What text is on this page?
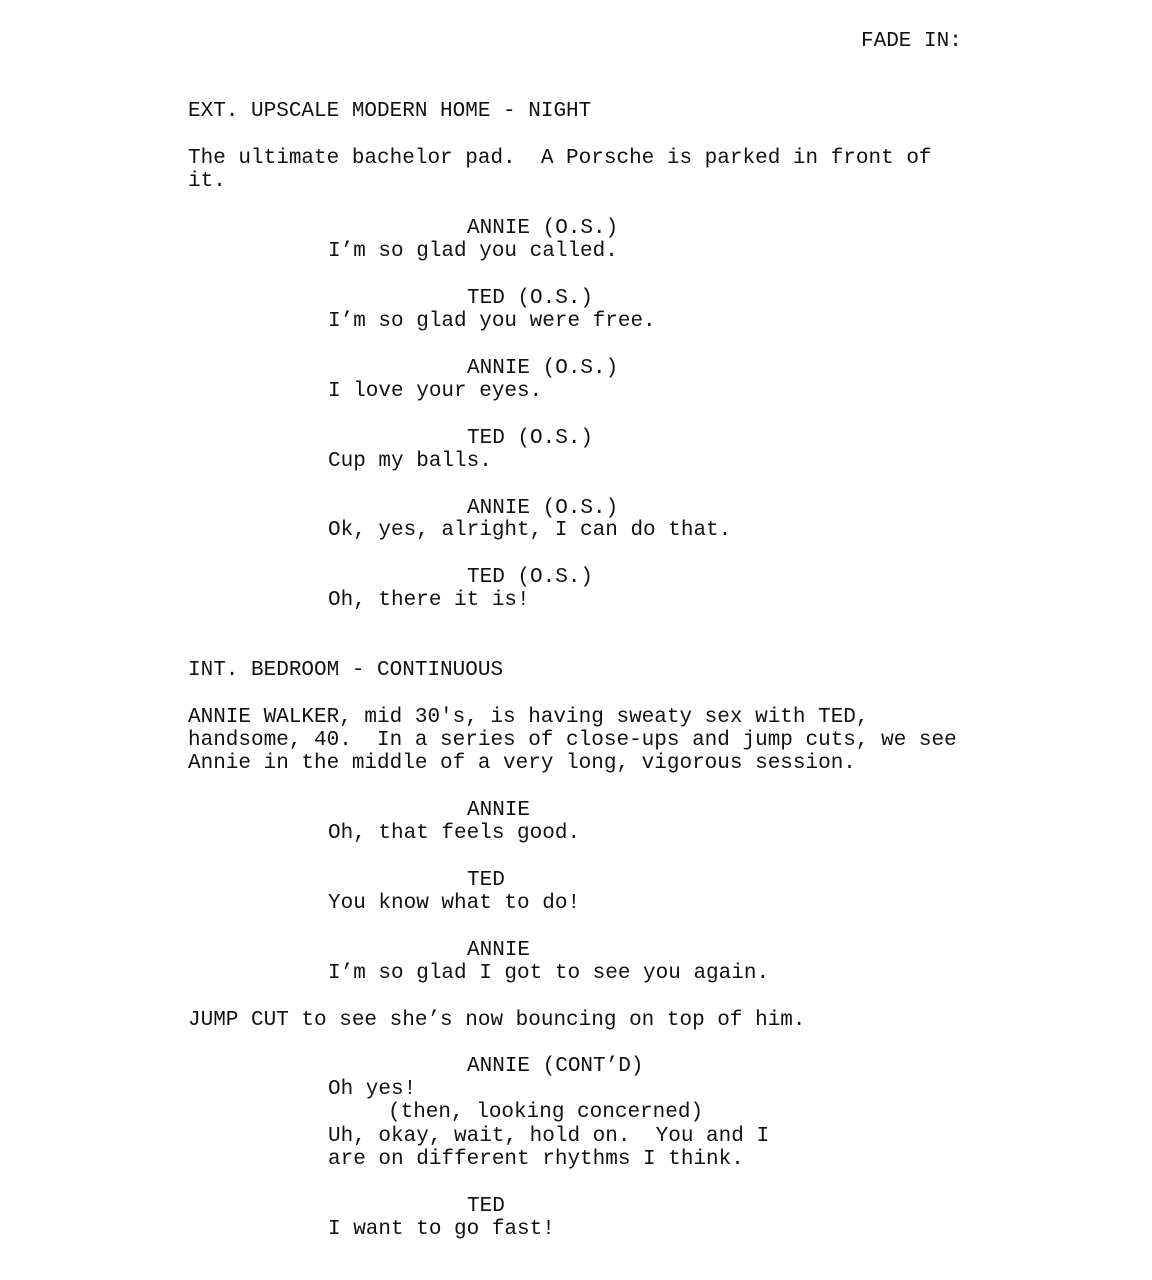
FADE IN:
EXT. UPSCALE MODERN HOME - NIGHT
The ultimate bachelor pad.  A Porsche is parked in front of
it.
ANNIE (O.S.)
I’m so glad you called.
TED (O.S.)
I’m so glad you were free.
ANNIE (O.S.)
I love your eyes.
TED (O.S.)
Cup my balls.
ANNIE (O.S.)
Ok, yes, alright, I can do that.
TED (O.S.)
Oh, there it is!
INT. BEDROOM - CONTINUOUS
ANNIE WALKER, mid 30's, is having sweaty sex with TED,
handsome, 40.  In a series of close-ups and jump cuts, we see
Annie in the middle of a very long, vigorous session.
ANNIE
Oh, that feels good.
TED
You know what to do!
ANNIE
I’m so glad I got to see you again.
JUMP CUT to see she’s now bouncing on top of him.
ANNIE (CONT’D)
Oh yes!
(then, looking concerned)
Uh, okay, wait, hold on.  You and I
are on different rhythms I think.
TED
I want to go fast!
